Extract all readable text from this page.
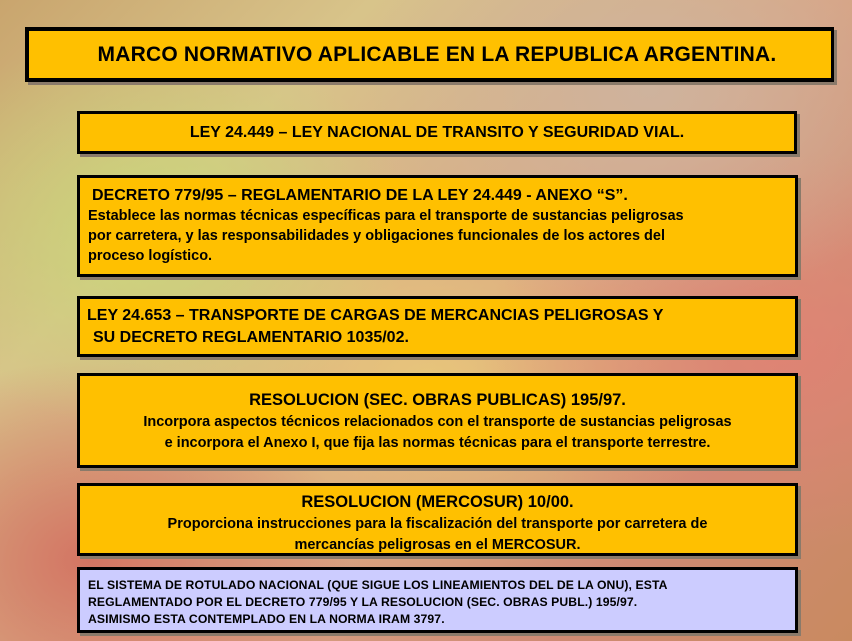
MARCO NORMATIVO APLICABLE EN LA REPUBLICA ARGENTINA.
LEY 24.449 – LEY NACIONAL DE TRANSITO Y SEGURIDAD VIAL.
DECRETO 779/95 – REGLAMENTARIO DE LA LEY 24.449 - ANEXO “S”.
Establece las normas técnicas específicas para el transporte de sustancias peligrosas
por carretera, y las responsabilidades y obligaciones funcionales de los actores del
proceso logístico.
LEY 24.653 – TRANSPORTE DE CARGAS DE MERCANCIAS PELIGROSAS Y
SU DECRETO REGLAMENTARIO 1035/02.
RESOLUCION (SEC. OBRAS PUBLICAS) 195/97.
Incorpora aspectos técnicos relacionados con el transporte de sustancias peligrosas
e incorpora el Anexo I, que fija las normas técnicas para el transporte terrestre.
RESOLUCION (MERCOSUR) 10/00.
Proporciona instrucciones para la fiscalización del transporte por carretera de
mercancías peligrosas en el MERCOSUR.
EL SISTEMA DE ROTULADO NACIONAL (QUE SIGUE LOS LINEAMIENTOS DEL DE LA ONU), ESTA
REGLAMENTADO POR EL DECRETO 779/95 Y LA RESOLUCION (SEC. OBRAS PUBL.) 195/97.
ASIMISMO ESTA CONTEMPLADO EN LA NORMA IRAM 3797.
